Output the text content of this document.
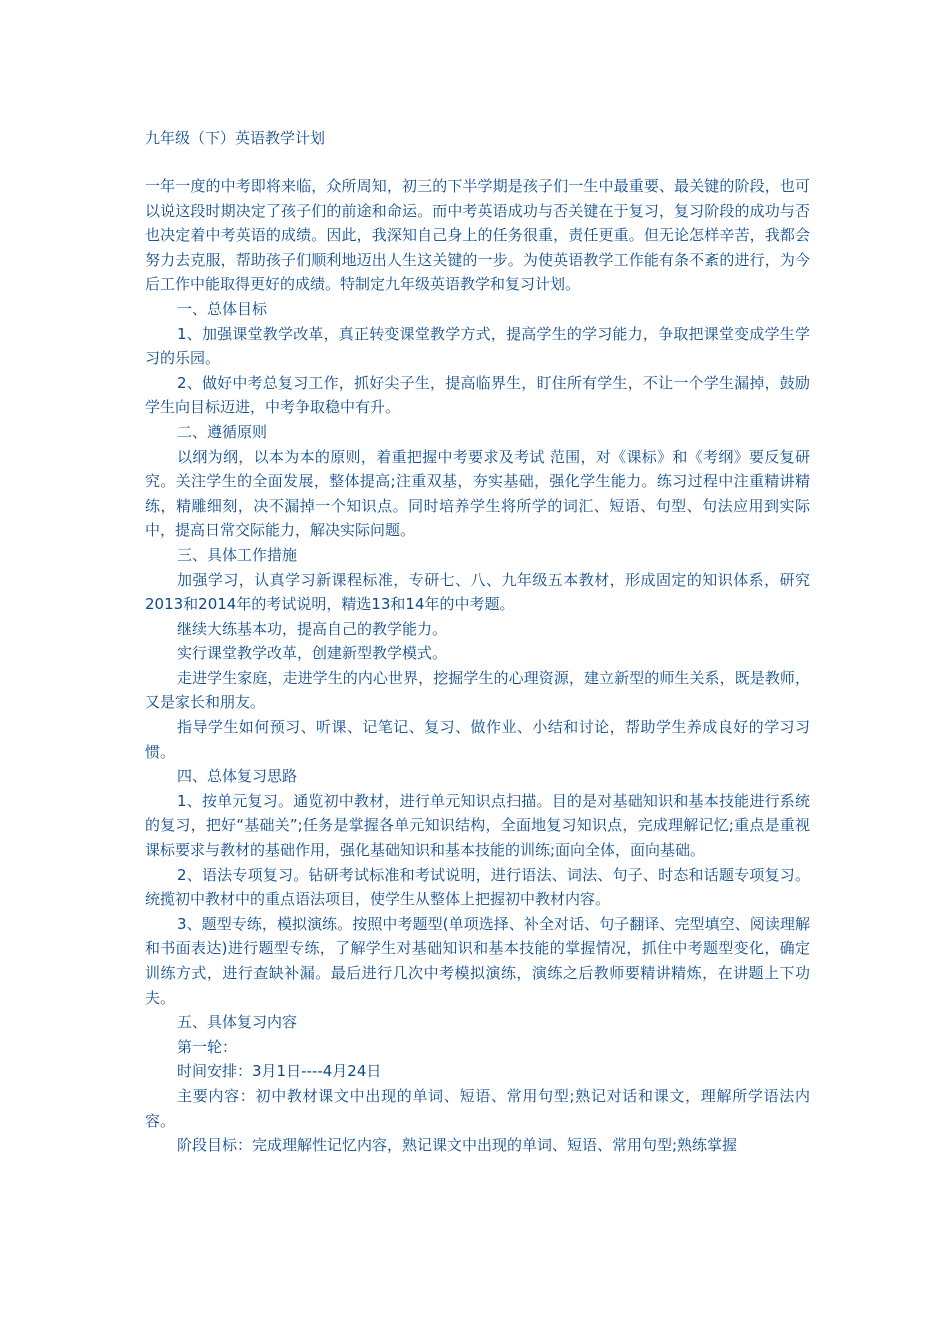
九年级（下）英语教学计划

一年一度的中考即将来临，众所周知，初三的下半学期是孩子们一生中最重要、最关键的阶段，也可以说这段时期决定了孩子们的前途和命运。而中考英语成功与否关键在于复习，复习阶段的成功与否也决定着中考英语的成绩。因此，我深知自己身上的任务很重，责任更重。但无论怎样辛苦，我都会努力去克服，帮助孩子们顺利地迈出人生这关键的一步。为使英语教学工作能有条不紊的进行，为今后工作中能取得更好的成绩。特制定九年级英语教学和复习计划。

一、总体目标

1、加强课堂教学改革，真正转变课堂教学方式，提高学生的学习能力，争取把课堂变成学生学习的乐园。

2、做好中考总复习工作，抓好尖子生，提高临界生，盯住所有学生，不让一个学生漏掉，鼓励学生向目标迈进，中考争取稳中有升。

二、遵循原则

以纲为纲，以本为本的原则，着重把握中考要求及考试 范围，对《课标》和《考纲》要反复研究。关注学生的全面发展，整体提高;注重双基，夯实基础，强化学生能力。练习过程中注重精讲精练，精雕细刻，决不漏掉一个知识点。同时培养学生将所学的词汇、短语、句型、句法应用到实际中，提高日常交际能力，解决实际问题。

三、具体工作措施

加强学习，认真学习新课程标准，专研七、八、九年级五本教材，形成固定的知识体系，研究2013和2014年的考试说明，精选13和14年的中考题。

继续大练基本功，提高自己的教学能力。

实行课堂教学改革，创建新型教学模式。

走进学生家庭，走进学生的内心世界，挖掘学生的心理资源，建立新型的师生关系，既是教师，又是家长和朋友。

指导学生如何预习、听课、记笔记、复习、做作业、小结和讨论，帮助学生养成良好的学习习惯。

四、总体复习思路

1、按单元复习。通览初中教材，进行单元知识点扫描。目的是对基础知识和基本技能进行系统的复习，把好“基础关”;任务是掌握各单元知识结构，全面地复习知识点，完成理解记忆;重点是重视课标要求与教材的基础作用，强化基础知识和基本技能的训练;面向全体，面向基础。

2、语法专项复习。钻研考试标准和考试说明，进行语法、词法、句子、时态和话题专项复习。统揽初中教材中的重点语法项目，使学生从整体上把握初中教材内容。

3、题型专练，模拟演练。按照中考题型(单项选择、补全对话、句子翻译、完型填空、阅读理解和书面表达)进行题型专练，了解学生对基础知识和基本技能的掌握情况，抓住中考题型变化，确定训练方式，进行查缺补漏。最后进行几次中考模拟演练，演练之后教师要精讲精炼，在讲题上下功夫。

五、具体复习内容

第一轮：

时间安排：3月1日----4月24日

主要内容：初中教材课文中出现的单词、短语、常用句型;熟记对话和课文，理解所学语法内容。

阶段目标：完成理解性记忆内容，熟记课文中出现的单词、短语、常用句型;熟练掌握
